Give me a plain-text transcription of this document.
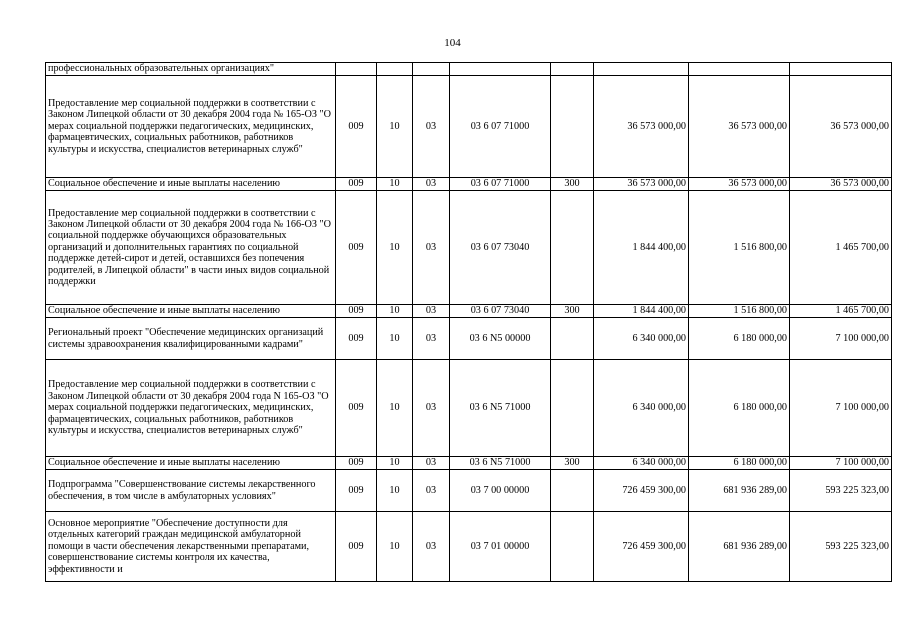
104
профессиональных образовательных организациях"								
Предоставление мер социальной поддержки в соответствии с Законом Липецкой области от 30 декабря 2004 года № 165-ОЗ "О мерах социальной поддержки педагогических, медицинских, фармацевтических, социальных работников, работников культуры и искусства, специалистов ветеринарных служб"	009	10	03	03 6 07 71000		36 573 000,00	36 573 000,00	36 573 000,00
Социальное обеспечение и иные выплаты населению	009	10	03	03 6 07 71000	300	36 573 000,00	36 573 000,00	36 573 000,00
Предоставление мер социальной поддержки в соответствии с Законом Липецкой области от 30 декабря 2004 года № 166-ОЗ "О социальной поддержке обучающихся образовательных организаций и дополнительных гарантиях по социальной поддержке детей-сирот и детей, оставшихся без попечения родителей, в Липецкой области" в части иных видов социальной поддержки	009	10	03	03 6 07 73040		1 844 400,00	1 516 800,00	1 465 700,00
Социальное обеспечение и иные выплаты населению	009	10	03	03 6 07 73040	300	1 844 400,00	1 516 800,00	1 465 700,00
Региональный проект "Обеспечение медицинских организаций системы здравоохранения квалифицированными кадрами"	009	10	03	03 6 N5 00000		6 340 000,00	6 180 000,00	7 100 000,00
Предоставление мер социальной поддержки в соответствии с Законом Липецкой области от 30 декабря 2004 года N 165-ОЗ "О мерах социальной поддержки педагогических, медицинских, фармацевтических, социальных работников, работников культуры и искусства, специалистов ветеринарных служб"	009	10	03	03 6 N5 71000		6 340 000,00	6 180 000,00	7 100 000,00
Социальное обеспечение и иные выплаты населению	009	10	03	03 6 N5 71000	300	6 340 000,00	6 180 000,00	7 100 000,00
Подпрограмма "Совершенствование системы лекарственного обеспечения, в том числе в амбулаторных условиях"	009	10	03	03 7 00 00000		726 459 300,00	681 936 289,00	593 225 323,00
Основное мероприятие "Обеспечение доступности для отдельных категорий граждан медицинской амбулаторной помощи в части обеспечения лекарственными препаратами, совершенствование системы контроля их качества, эффективности и	009	10	03	03 7 01 00000		726 459 300,00	681 936 289,00	593 225 323,00
